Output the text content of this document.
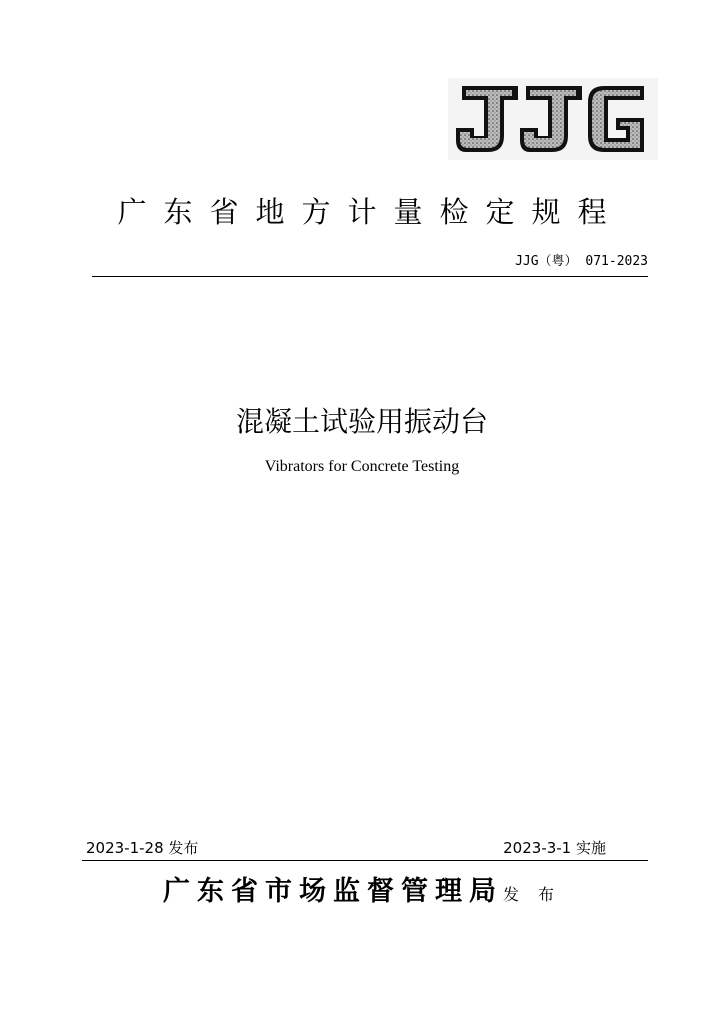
广东省地方计量检定规程
JJG（粤） 071-2023
混凝土试验用振动台
Vibrators for Concrete Testing
2023-1-28 发布	2023-3-1 实施
广东省市场监督管理局发 布
